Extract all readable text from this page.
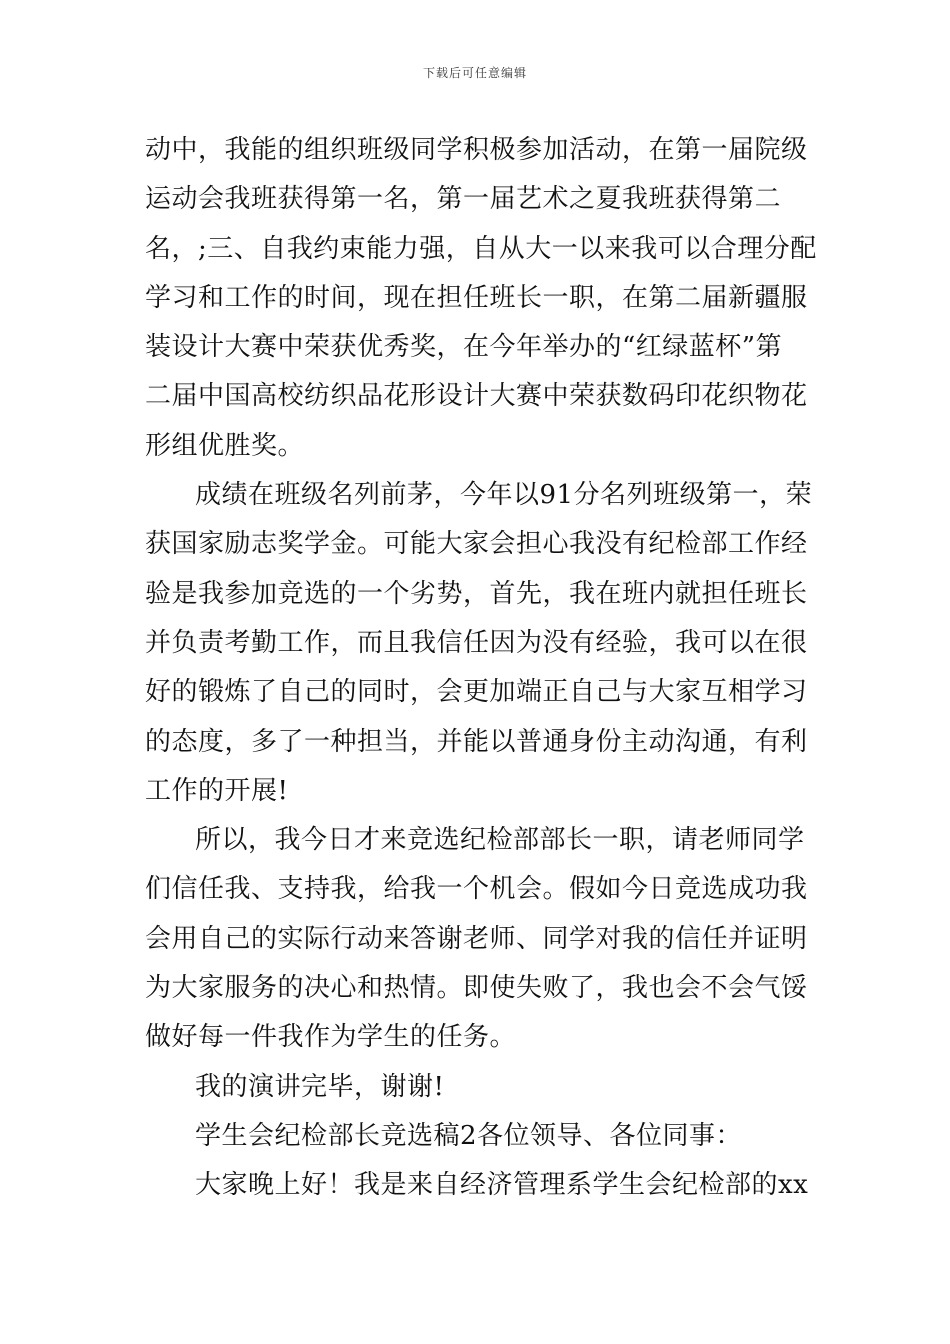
下载后可任意编辑
动中，我能的组织班级同学积极参加活动，在第一届院级
运动会我班获得第一名，第一届艺术之夏我班获得第二
名，;三、自我约束能力强，自从大一以来我可以合理分配
学习和工作的时间，现在担任班长一职，在第二届新疆服
装设计大赛中荣获优秀奖，在今年举办的“红绿蓝杯”第
二届中国高校纺织品花形设计大赛中荣获数码印花织物花
形组优胜奖。
成绩在班级名列前茅，今年以91分名列班级第一，荣
获国家励志奖学金。可能大家会担心我没有纪检部工作经
验是我参加竞选的一个劣势，首先，我在班内就担任班长
并负责考勤工作，而且我信任因为没有经验，我可以在很
好的锻炼了自己的同时，会更加端正自己与大家互相学习
的态度，多了一种担当，并能以普通身份主动沟通，有利
工作的开展!
所以，我今日才来竞选纪检部部长一职，请老师同学
们信任我、支持我，给我一个机会。假如今日竞选成功我
会用自己的实际行动来答谢老师、同学对我的信任并证明
为大家服务的决心和热情。即使失败了，我也会不会气馁
做好每一件我作为学生的任务。
我的演讲完毕，谢谢!
学生会纪检部长竞选稿2各位领导、各位同事：
大家晚上好！我是来自经济管理系学生会纪检部的xx
